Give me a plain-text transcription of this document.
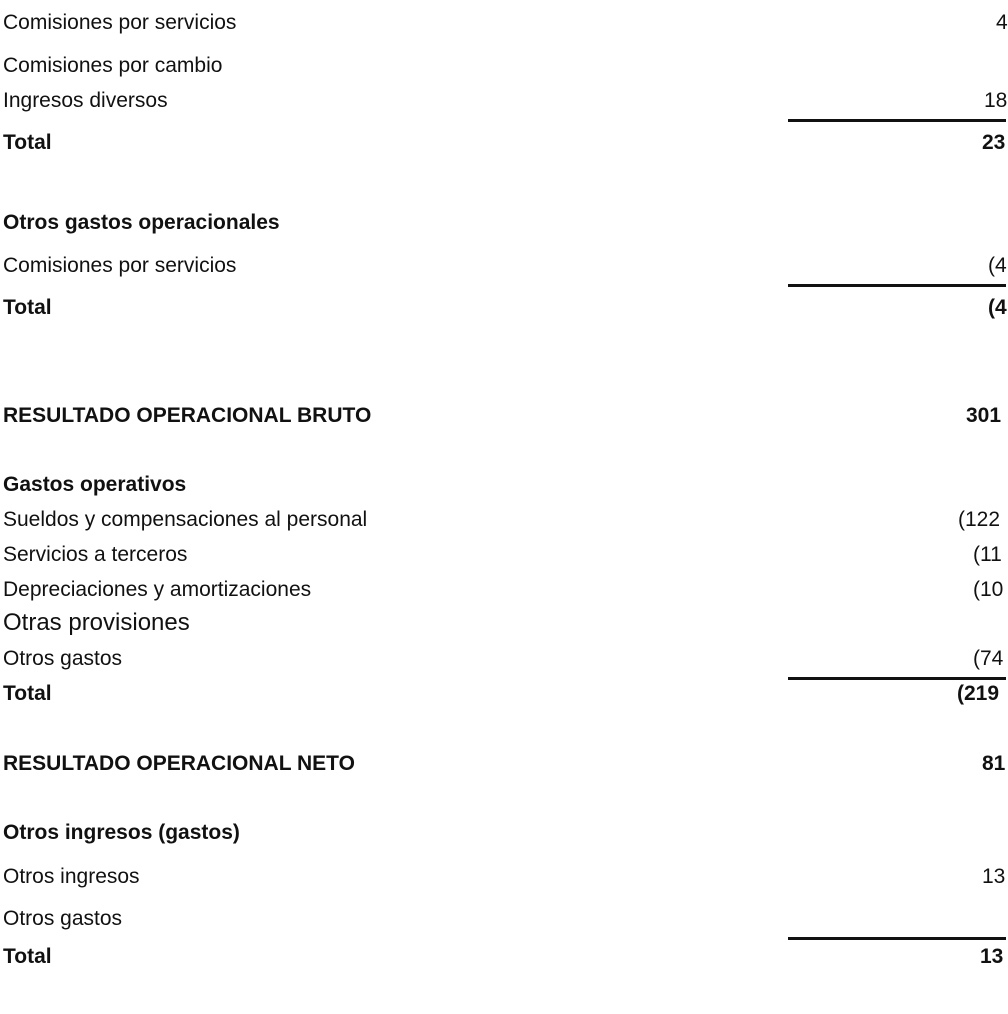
Comisiones por servicios	4
Comisiones por cambio
Ingresos diversos	18
Total	23
Otros gastos operacionales
Comisiones por servicios	(4
Total	(4
RESULTADO OPERACIONAL BRUTO	301
Gastos operativos
Sueldos y compensaciones al personal	(122
Servicios a terceros	(11
Depreciaciones y amortizaciones	(10
Otras provisiones
Otros gastos	(74
Total	(219
RESULTADO OPERACIONAL NETO	81
Otros ingresos (gastos)
Otros ingresos	13
Otros gastos
Total	13
